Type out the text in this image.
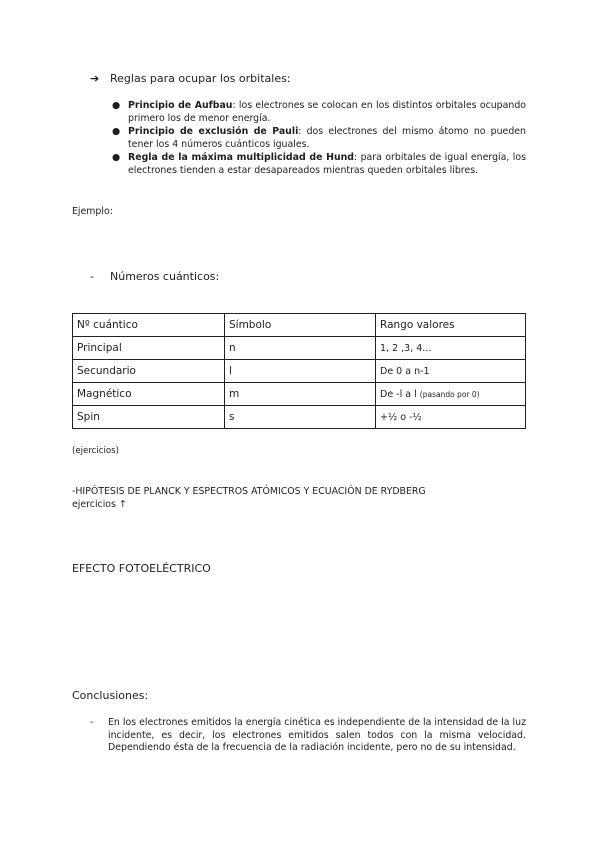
➔ Reglas para ocupar los orbitales:
● Principio de Aufbau: los electrones se colocan en los distintos orbitales ocupando primero los de menor energía.
● Principio de exclusión de Pauli: dos electrones del mismo átomo no pueden tener los 4 números cuánticos iguales.
● Regla de la máxima multiplicidad de Hund: para orbitales de igual energía, los electrones tienden a estar desapareados mientras queden orbitales libres.
Ejemplo:
- Números cuánticos:
Nº cuántico	Símbolo	Rango valores
Principal	n	1, 2 ,3, 4...
Secundario	l	De 0 a n-1
Magnético	m	De -l a l (pasando por 0)
Spin	s	+½ o -½
(ejercicios)
-HIPÓTESIS DE PLANCK Y ESPECTROS ATÓMICOS Y ECUACIÓN DE RYDBERG
ejercicios ↑
EFECTO FOTOELÉCTRICO
Conclusiones:
- En los electrones emitidos la energía cinética es independiente de la intensidad de la luz incidente, es decir, los electrones emitidos salen todos con la misma velocidad. Dependiendo ésta de la frecuencia de la radiación incidente, pero no de su intensidad.
